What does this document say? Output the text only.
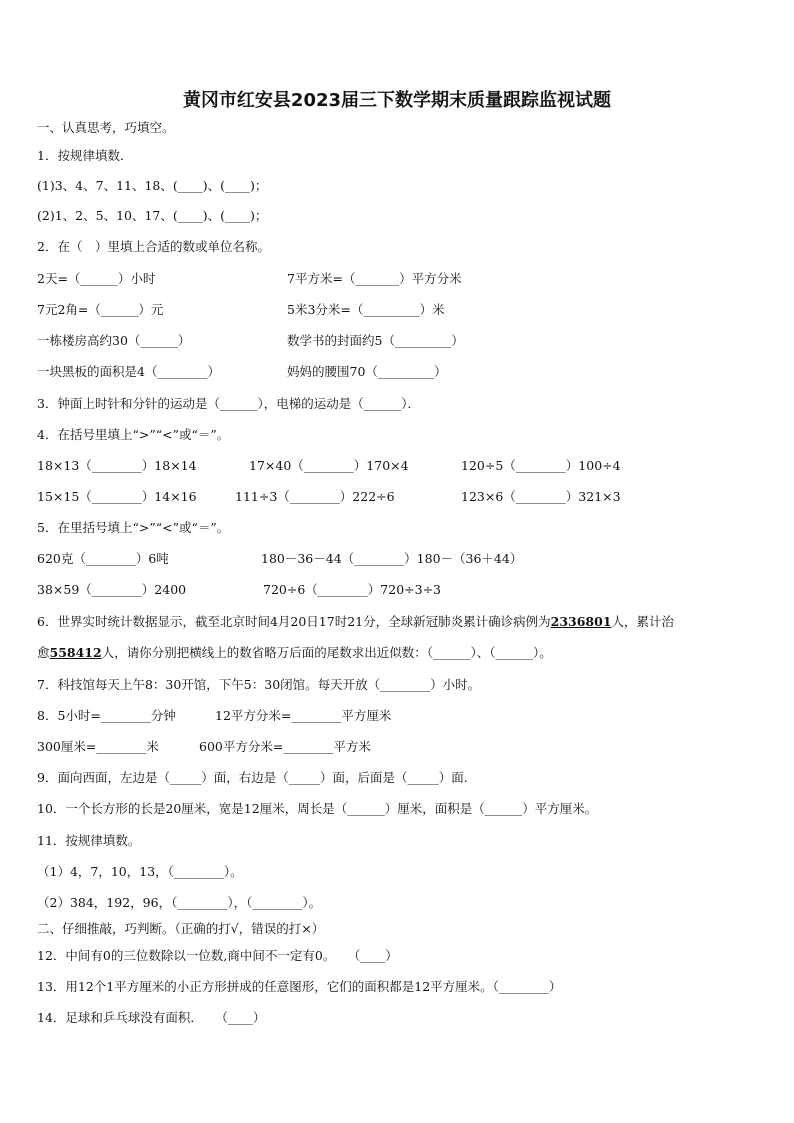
黄冈市红安县2023届三下数学期末质量跟踪监视试题
一、认真思考，巧填空。
1．按规律填数．
(1)3、4、7、11、18、(____)、(____)；
(2)1、2、5、10、17、(____)、(____)；
2．在（　）里填上合适的数或单位名称。
2天=（______）小时	7平方米=（_______）平方分米
7元2角=（______）元	5米3分米=（_________）米
一栋楼房高约30（______）	数学书的封面约5（_________）
一块黑板的面积是4（________）	妈妈的腰围70（_________）
3．钟面上时针和分针的运动是（______），电梯的运动是（______）．
4．在括号里填上“>”“<”或“＝”。
18×13（________）18×14	17×40（________）170×4	120÷5（________）100÷4
15×15（________）14×16	111÷3（________）222÷6	123×6（________）321×3
5．在里括号填上“>”“<”或“＝”。
620克（________）6吨	180－36－44（________）180－（36＋44）
38×59（________）2400	720÷6（________）720÷3÷3
6．世界实时统计数据显示，截至北京时间4月20日17时21分，全球新冠肺炎累计确诊病例为2336801人，累计治
愈558412人，请你分别把横线上的数省略万后面的尾数求出近似数：（______）、（______）。
7．科技馆每天上午8：30开馆，下午5：30闭馆。每天开放（________）小时。
8．5小时=________分钟	12平方分米=________平方厘米
300厘米=________米	600平方分米=________平方米
9．面向西面，左边是（_____）面，右边是（_____）面，后面是（_____）面.
10．一个长方形的长是20厘米，宽是12厘米，周长是（______）厘米，面积是（______）平方厘米。
11．按规律填数。
（1）4，7，10，13，（________）。
（2）384，192，96，（________），（________）。
二、仔细推敲，巧判断。（正确的打√，错误的打×）
12．中间有0的三位数除以一位数,商中间不一定有0。　　（____）
13．用12个1平方厘米的小正方形拼成的任意图形，它们的面积都是12平方厘米。（________）
14．足球和乒乓球没有面积．　　（____）
